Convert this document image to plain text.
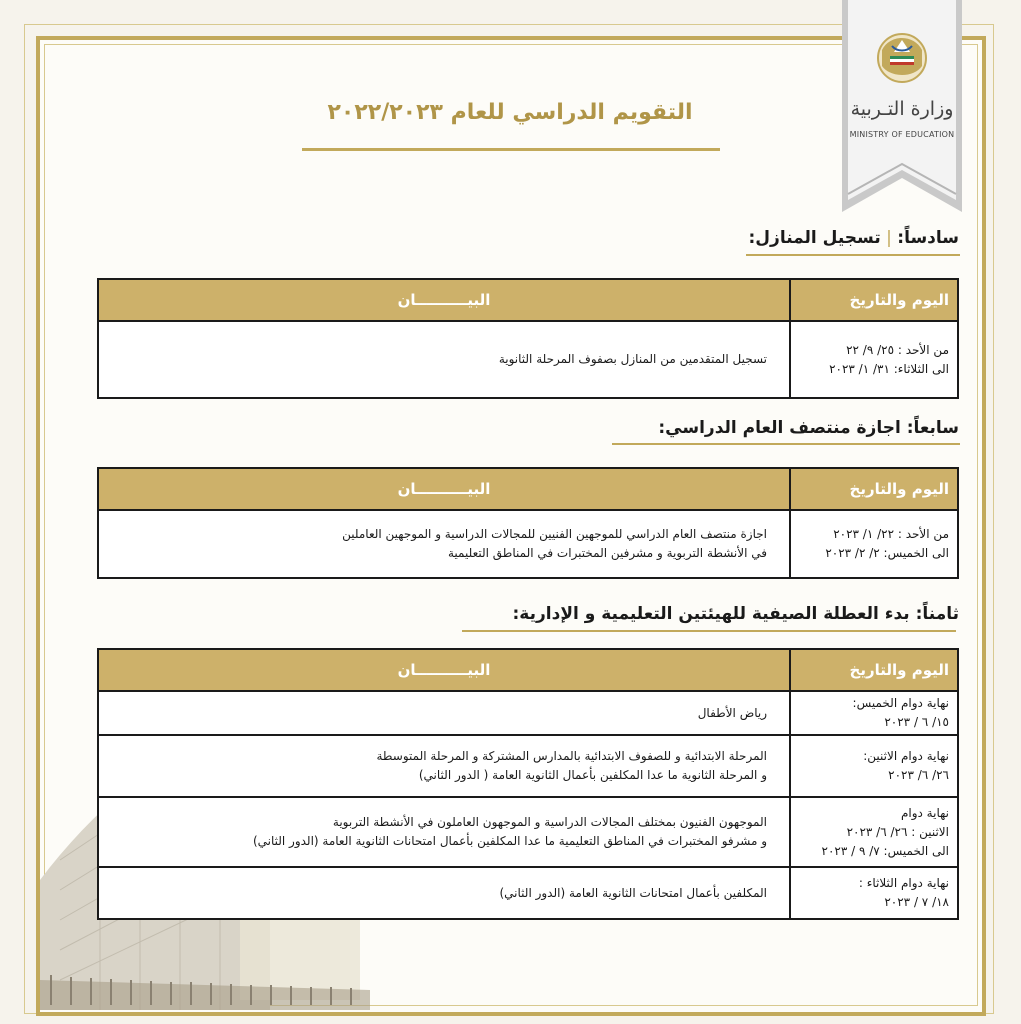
وزارة التـربية
MINISTRY OF EDUCATION
التقويم الدراسي للعام ٢٠٢٢/٢٠٢٣
سادساً: | تسجيل المنازل:
اليوم والتاريخ	البيــــــــــان

من الأحد : ٢٥/ ٩/ ٢٢
الى الثلاثاء: ٣١/ ١/ ٢٠٢٣	تسجيل المتقدمين من المنازل بصفوف المرحلة الثانوية
سابعاً: اجازة منتصف العام الدراسي:
اليوم والتاريخ	البيــــــــــان

من الأحد : ٢٢/ ١/ ٢٠٢٣
الى الخميس: ٢/ ٢/ ٢٠٢٣	اجازة منتصف العام الدراسي للموجهين الفنيين للمجالات الدراسية و الموجهين العاملين
في الأنشطة التربوية و مشرفين المختبرات في المناطق التعليمية
ثامناً: بدء العطلة الصيفية للهيئتين التعليمية و الإدارية:
اليوم والتاريخ	البيــــــــــان

نهاية دوام الخميس:
١٥/ ٦ / ٢٠٢٣	رياض الأطفال

نهاية دوام الاثنين:
٢٦/ ٦/ ٢٠٢٣	المرحلة الابتدائية و للصفوف الابتدائية بالمدارس المشتركة و المرحلة المتوسطة
و المرحلة الثانوية ما عدا المكلفين بأعمال الثانوية العامة ( الدور الثاني)

نهاية دوام
الاثنين : ٢٦/ ٦/ ٢٠٢٣
الى الخميس: ٧/ ٩ / ٢٠٢٣	الموجهون الفنيون بمختلف المجالات الدراسية و الموجهون العاملون في الأنشطة التربوية
و مشرفو المختبرات في المناطق التعليمية ما عدا المكلفين بأعمال امتحانات الثانوية العامة (الدور الثاني)

نهاية دوام الثلاثاء :
١٨/ ٧ / ٢٠٢٣	المكلفين بأعمال امتحانات الثانوية العامة (الدور الثاني)
